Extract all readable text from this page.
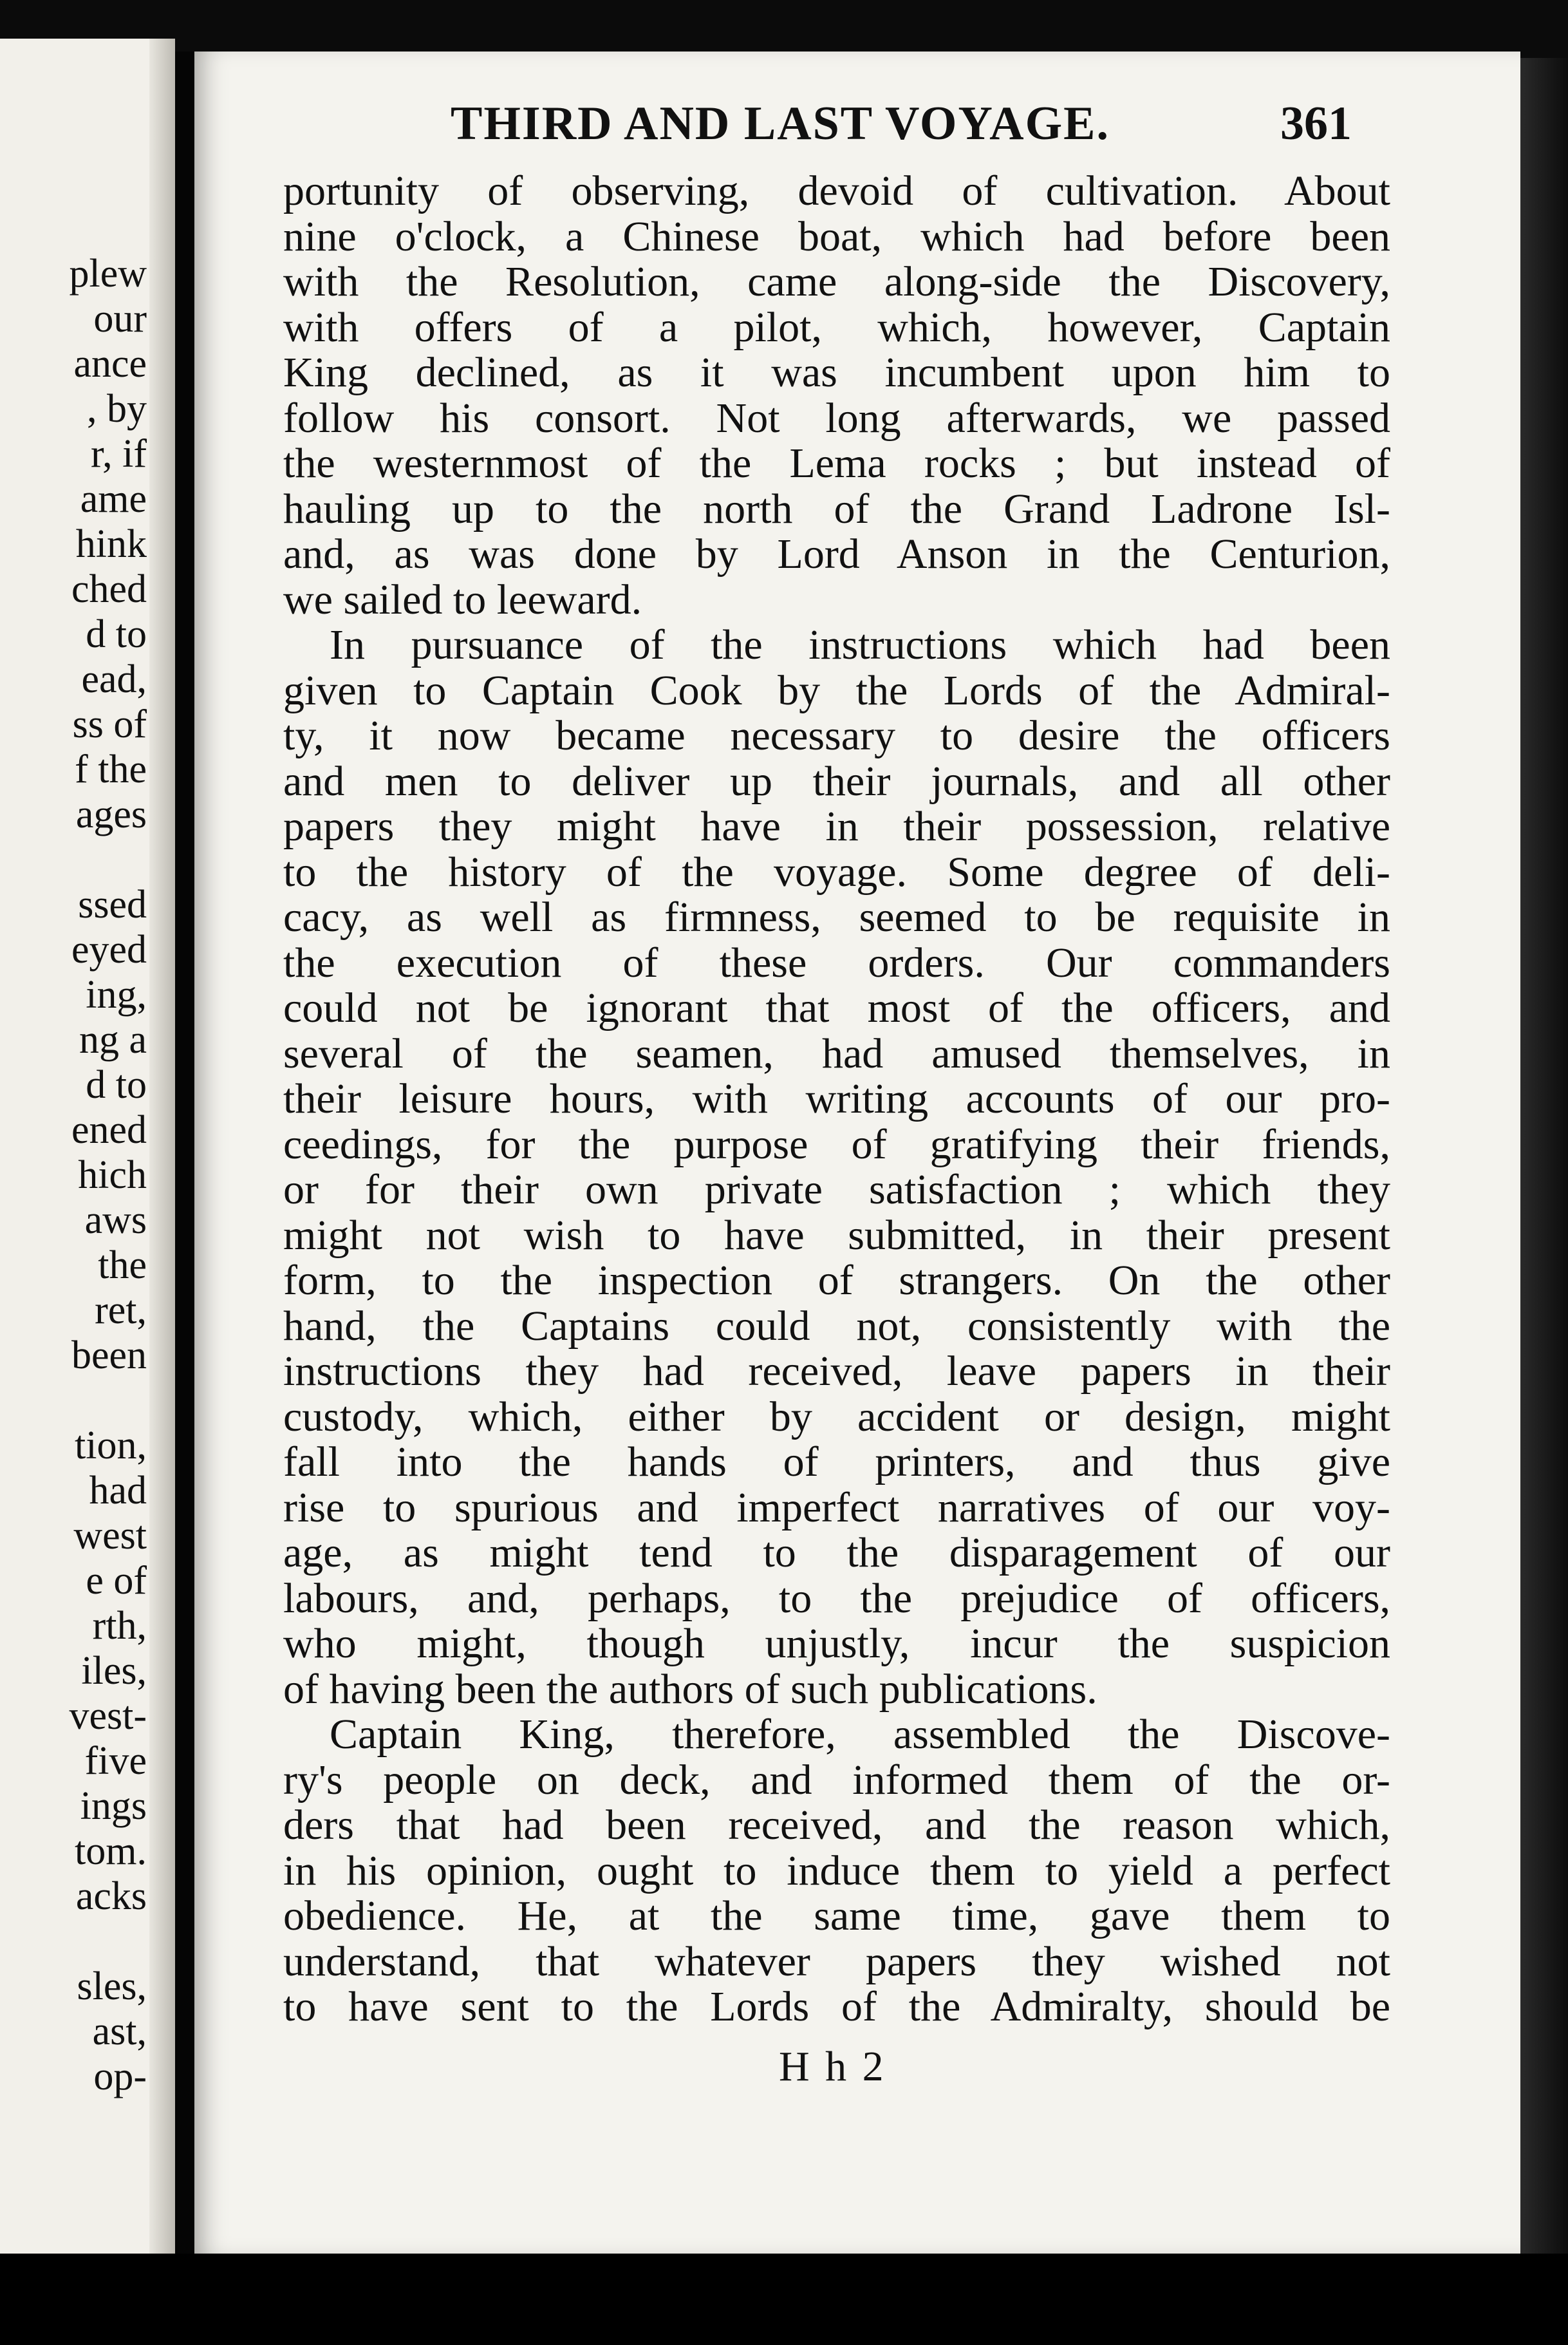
plew
our
ance
, by
r, if
ame
hink
ched
d to
ead,
ss of
f the
ages
ssed
eyed
ing,
ng a
d to
ened
hich
aws
the
ret,
been
tion,
had
west
e of
rth,
iles,
vest-
five
ings
tom.
acks
sles,
ast,
op-
THIRD AND LAST VOYAGE.	361
portunity of observing, devoid of cultivation. About
nine o'clock, a Chinese boat, which had before been
with the Resolution, came along-side the Discovery,
with offers of a pilot, which, however, Captain
King declined, as it was incumbent upon him to
follow his consort. Not long afterwards, we passed
the westernmost of the Lema rocks ; but instead of
hauling up to the north of the Grand Ladrone Isl-
and, as was done by Lord Anson in the Centurion,
we sailed to leeward.
In pursuance of the instructions which had been
given to Captain Cook by the Lords of the Admiral-
ty, it now became necessary to desire the officers
and men to deliver up their journals, and all other
papers they might have in their possession, relative
to the history of the voyage. Some degree of deli-
cacy, as well as firmness, seemed to be requisite in
the execution of these orders. Our commanders
could not be ignorant that most of the officers, and
several of the seamen, had amused themselves, in
their leisure hours, with writing accounts of our pro-
ceedings, for the purpose of gratifying their friends,
or for their own private satisfaction ; which they
might not wish to have submitted, in their present
form, to the inspection of strangers. On the other
hand, the Captains could not, consistently with the
instructions they had received, leave papers in their
custody, which, either by accident or design, might
fall into the hands of printers, and thus give
rise to spurious and imperfect narratives of our voy-
age, as might tend to the disparagement of our
labours, and, perhaps, to the prejudice of officers,
who might, though unjustly, incur the suspicion
of having been the authors of such publications.
Captain King, therefore, assembled the Discove-
ry's people on deck, and informed them of the or-
ders that had been received, and the reason which,
in his opinion, ought to induce them to yield a perfect
obedience. He, at the same time, gave them to
understand, that whatever papers they wished not
to have sent to the Lords of the Admiralty, should be
H h 2
